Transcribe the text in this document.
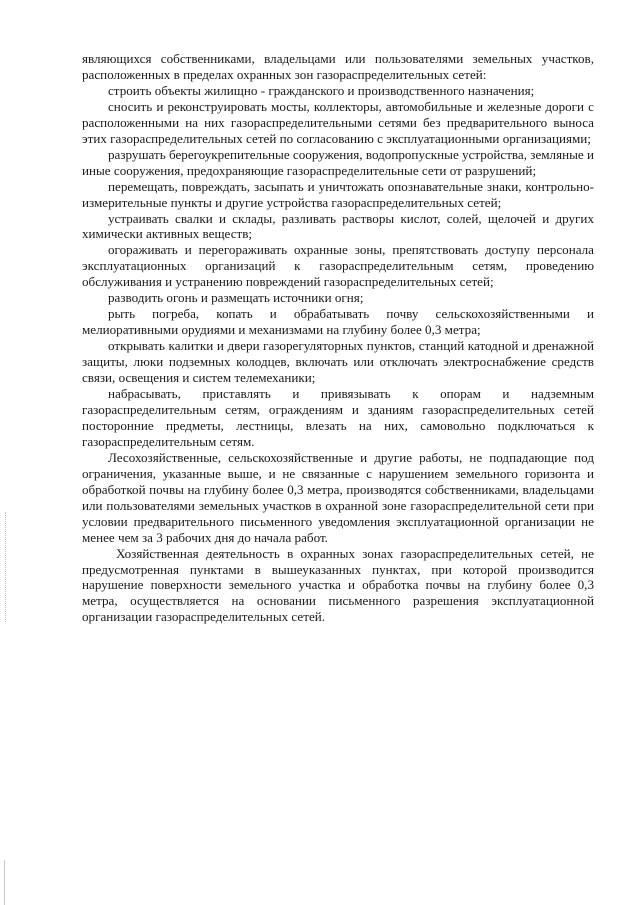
являющихся собственниками, владельцами или пользователями земельных участков, расположенных в пределах охранных зон газораспределительных сетей:

строить объекты жилищно - гражданского и производственного назначения;

сносить и реконструировать мосты, коллекторы, автомобильные и железные дороги с расположенными на них газораспределительными сетями без предварительного выноса этих газораспределительных сетей по согласованию с эксплуатационными организациями;

разрушать берегоукрепительные сооружения, водопропускные устройства, земляные и иные сооружения, предохраняющие газораспределительные сети от разрушений;

перемещать, повреждать, засыпать и уничтожать опознавательные знаки, контрольно-измерительные пункты и другие устройства газораспределительных сетей;

устраивать свалки и склады, разливать растворы кислот, солей, щелочей и других химически активных веществ;

огораживать и перегораживать охранные зоны, препятствовать доступу персонала эксплуатационных организаций к газораспределительным сетям, проведению обслуживания и устранению повреждений газораспределительных сетей;

разводить огонь и размещать источники огня;

рыть погреба, копать и обрабатывать почву сельскохозяйственными и мелиоративными орудиями и механизмами на глубину более 0,3 метра;

открывать калитки и двери газорегуляторных пунктов, станций катодной и дренажной защиты, люки подземных колодцев, включать или отключать электроснабжение средств связи, освещения и систем телемеханики;

набрасывать, приставлять и привязывать к опорам и надземным газораспределительным сетям, ограждениям и зданиям газораспределительных сетей посторонние предметы, лестницы, влезать на них, самовольно подключаться к газораспределительным сетям.

Лесохозяйственные, сельскохозяйственные и другие работы, не подпадающие под ограничения, указанные выше, и не связанные с нарушением земельного горизонта и обработкой почвы на глубину более 0,3 метра, производятся собственниками, владельцами или пользователями земельных участков в охранной зоне газораспределительной сети при условии предварительного письменного уведомления эксплуатационной организации не менее чем за 3 рабочих дня до начала работ.

Хозяйственная деятельность в охранных зонах газораспределительных сетей, не предусмотренная пунктами в вышеуказанных пунктах, при которой производится нарушение поверхности земельного участка и обработка почвы на глубину более 0,3 метра, осуществляется на основании письменного разрешения эксплуатационной организации газораспределительных сетей.
